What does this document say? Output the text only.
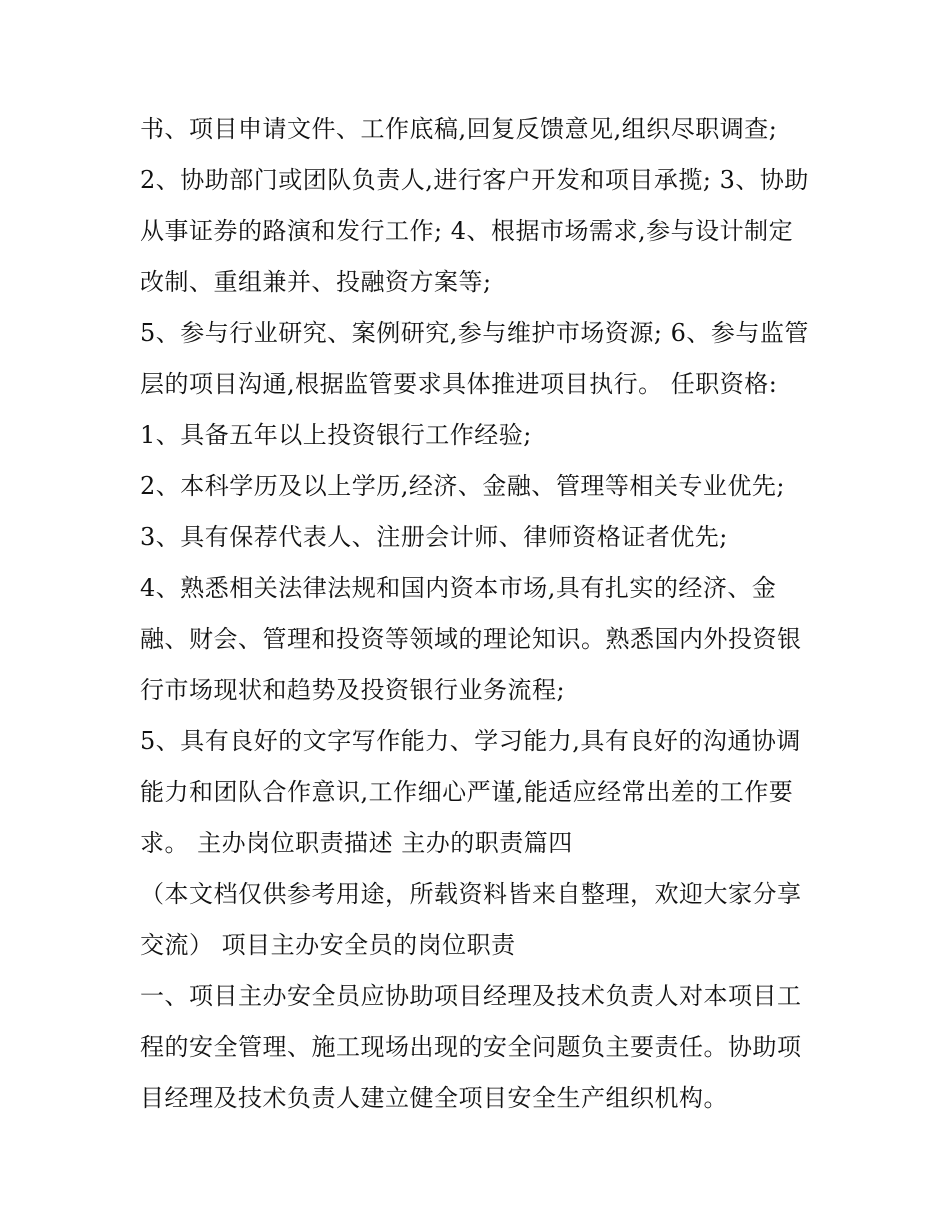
书、项目申请文件、工作底稿,回复反馈意见,组织尽职调查;
2、协助部门或团队负责人,进行客户开发和项目承揽; 3、协助
从事证券的路演和发行工作; 4、根据市场需求,参与设计制定
改制、重组兼并、投融资方案等;
5、参与行业研究、案例研究,参与维护市场资源; 6、参与监管
层的项目沟通,根据监管要求具体推进项目执行。 任职资格:
1、具备五年以上投资银行工作经验;
2、本科学历及以上学历,经济、金融、管理等相关专业优先;
3、具有保荐代表人、注册会计师、律师资格证者优先;
4、熟悉相关法律法规和国内资本市场,具有扎实的经济、金
融、财会、管理和投资等领域的理论知识。熟悉国内外投资银
行市场现状和趋势及投资银行业务流程;
5、具有良好的文字写作能力、学习能力,具有良好的沟通协调
能力和团队合作意识,工作细心严谨,能适应经常出差的工作要
求。 主办岗位职责描述 主办的职责篇四
（本文档仅供参考用途，所载资料皆来自整理，欢迎大家分享
交流） 项目主办安全员的岗位职责
一、项目主办安全员应协助项目经理及技术负责人对本项目工
程的安全管理、施工现场出现的安全问题负主要责任。协助项
目经理及技术负责人建立健全项目安全生产组织机构。
